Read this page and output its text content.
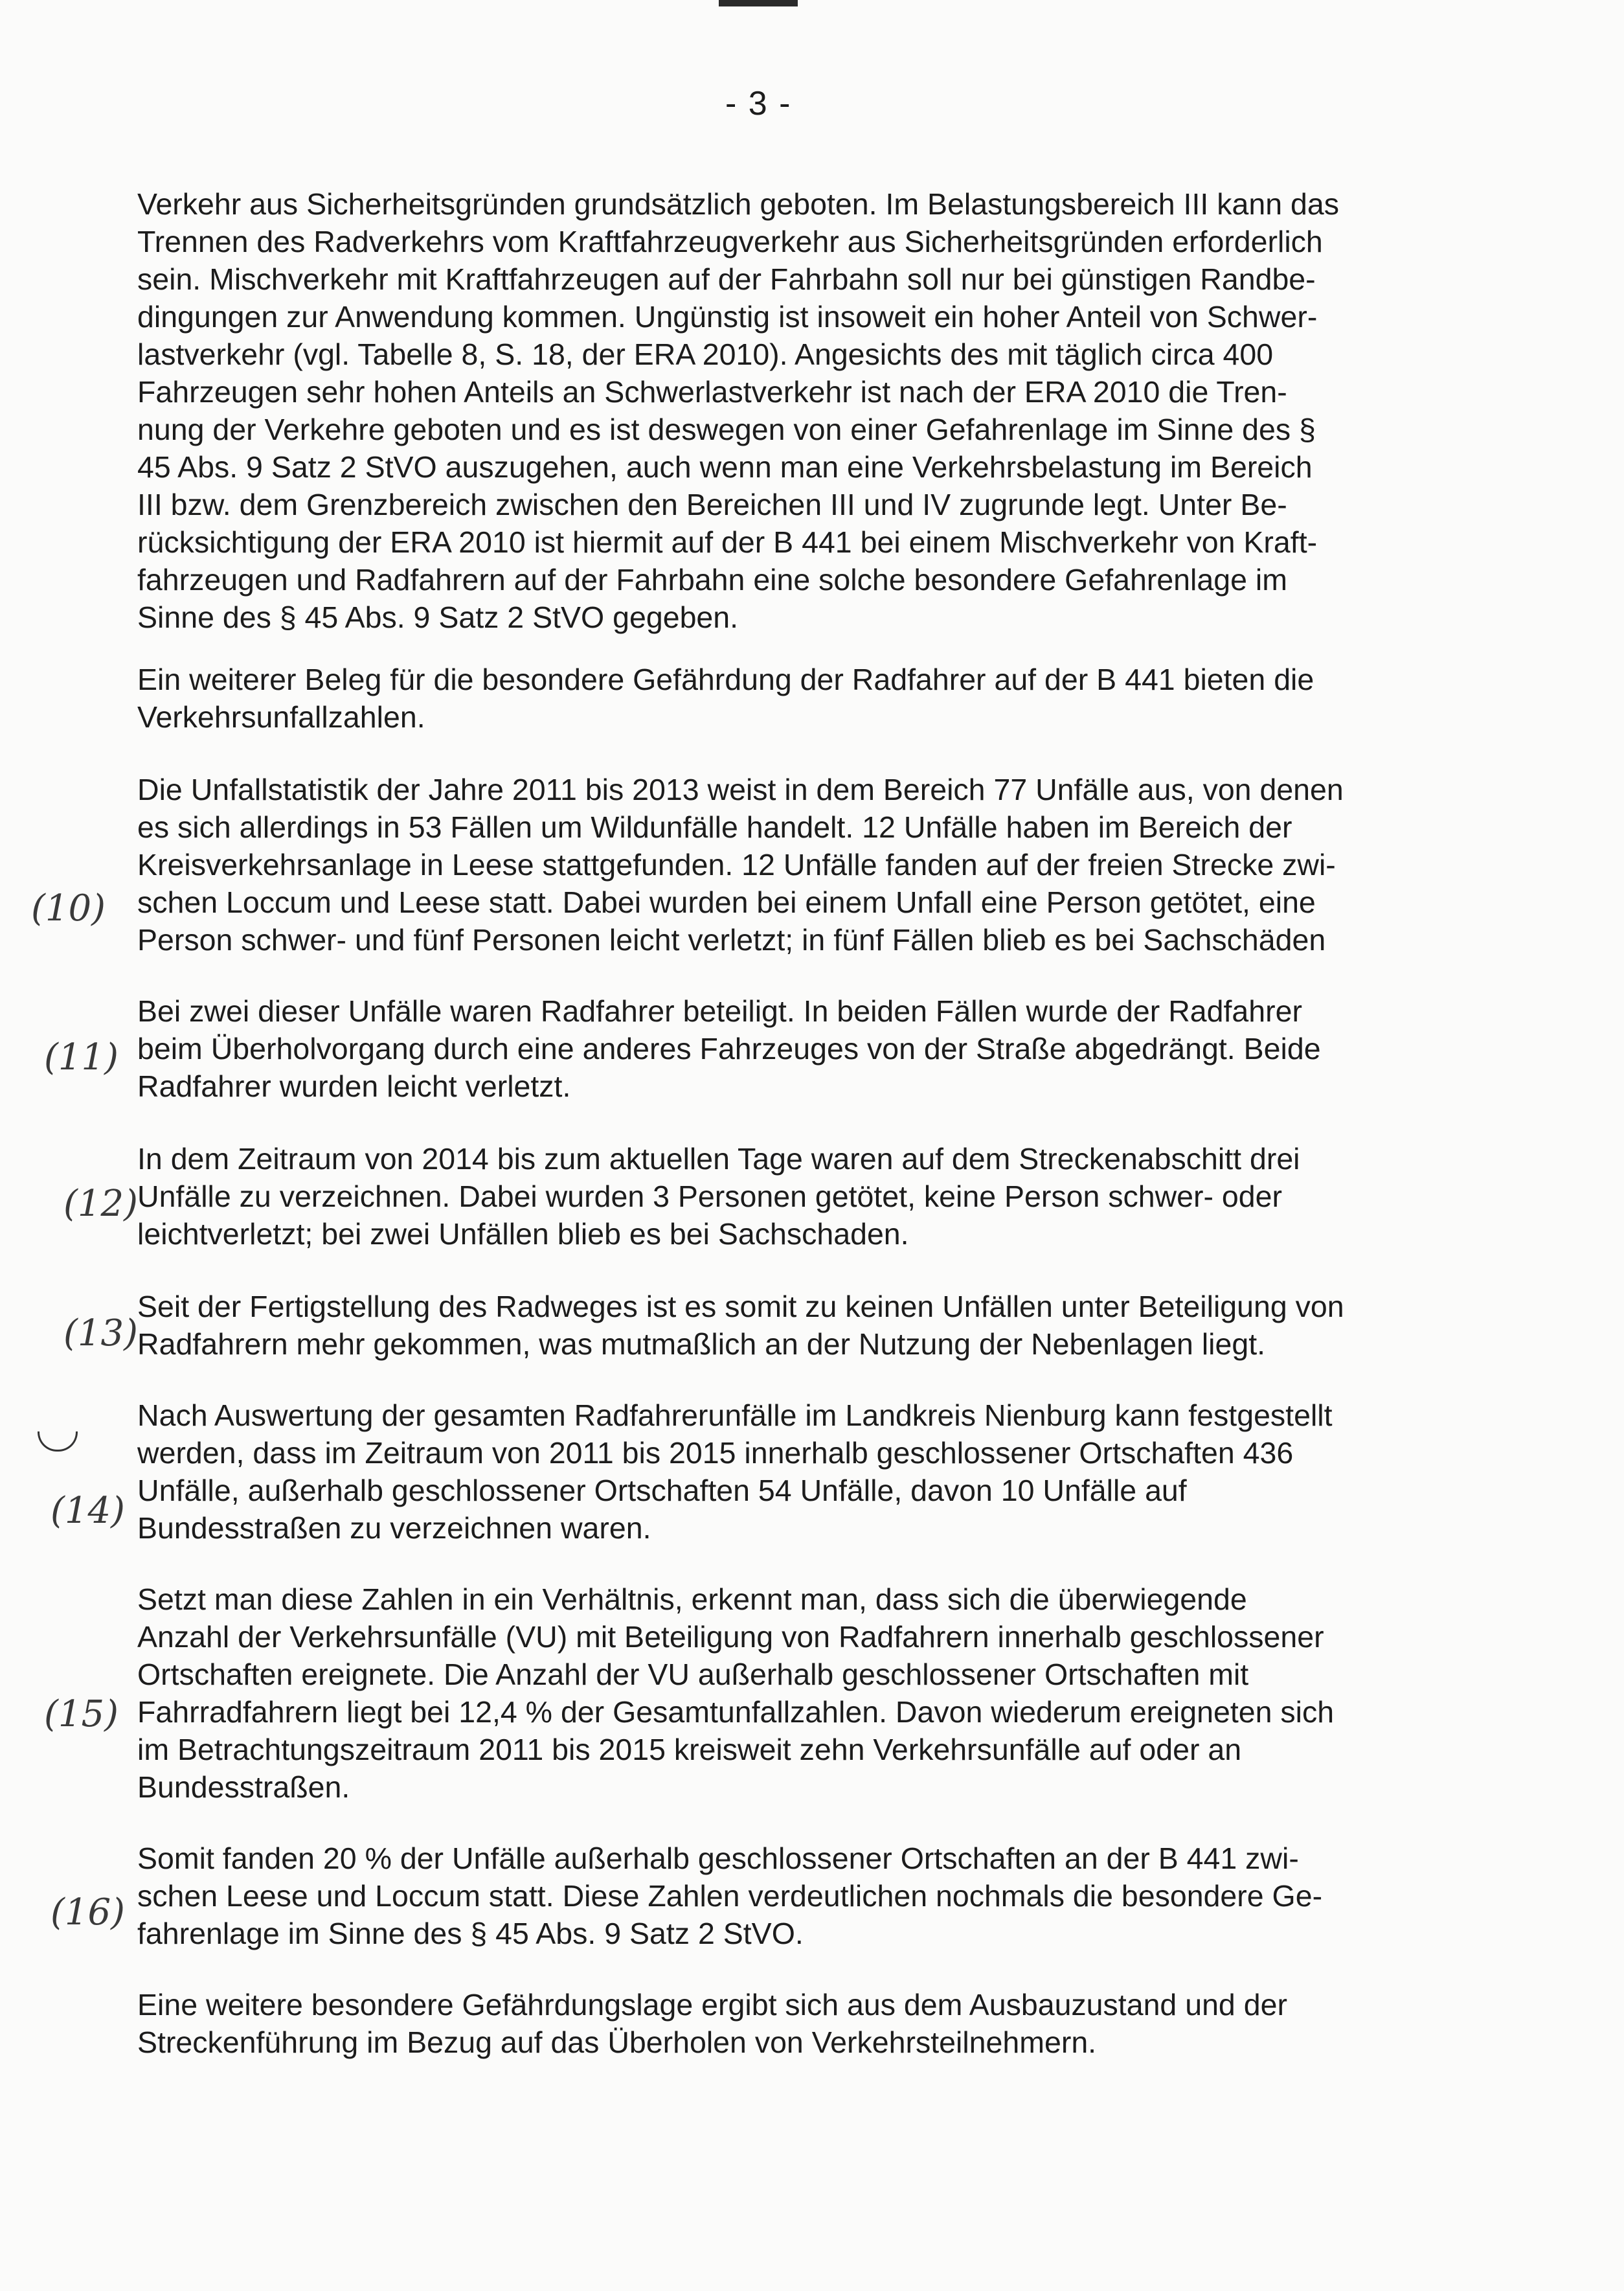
- 3 -
Verkehr aus Sicherheitsgründen grundsätzlich geboten. Im Belastungsbereich III kann das
Trennen des Radverkehrs vom Kraftfahrzeugverkehr aus Sicherheitsgründen erforderlich
sein. Mischverkehr mit Kraftfahrzeugen auf der Fahrbahn soll nur bei günstigen Randbe-
dingungen zur Anwendung kommen. Ungünstig ist insoweit ein hoher Anteil von Schwer-
lastverkehr (vgl. Tabelle 8, S. 18, der ERA 2010). Angesichts des mit täglich circa 400
Fahrzeugen sehr hohen Anteils an Schwerlastverkehr ist nach der ERA 2010 die Tren-
nung der Verkehre geboten und es ist deswegen von einer Gefahrenlage im Sinne des §
45 Abs. 9 Satz 2 StVO auszugehen, auch wenn man eine Verkehrsbelastung im Bereich
III bzw. dem Grenzbereich zwischen den Bereichen III und IV zugrunde legt. Unter Be-
rücksichtigung der ERA 2010 ist hiermit auf der B 441 bei einem Mischverkehr von Kraft-
fahrzeugen und Radfahrern auf der Fahrbahn eine solche besondere Gefahrenlage im
Sinne des § 45 Abs. 9 Satz 2 StVO gegeben.
Ein weiterer Beleg für die besondere Gefährdung der Radfahrer auf der B 441 bieten die
Verkehrsunfallzahlen.
Die Unfallstatistik der Jahre 2011 bis 2013 weist in dem Bereich 77 Unfälle aus, von denen
es sich allerdings in 53 Fällen um Wildunfälle handelt. 12 Unfälle haben im Bereich der
Kreisverkehrsanlage in Leese stattgefunden. 12 Unfälle fanden auf der freien Strecke zwi-
schen Loccum und Leese statt. Dabei wurden bei einem Unfall eine Person getötet, eine
Person schwer- und fünf Personen leicht verletzt; in fünf Fällen blieb es bei Sachschäden
Bei zwei dieser Unfälle waren Radfahrer beteiligt. In beiden Fällen wurde der Radfahrer
beim Überholvorgang durch eine anderes Fahrzeuges von der Straße abgedrängt. Beide
Radfahrer wurden leicht verletzt.
In dem Zeitraum von 2014 bis zum aktuellen Tage waren auf dem Streckenabschitt drei
Unfälle zu verzeichnen. Dabei wurden 3 Personen getötet, keine Person schwer- oder
leichtverletzt; bei zwei Unfällen blieb es bei Sachschaden.
Seit der Fertigstellung des Radweges ist es somit zu keinen Unfällen unter Beteiligung von
Radfahrern mehr gekommen, was mutmaßlich an der Nutzung der Nebenlagen liegt.
Nach Auswertung der gesamten Radfahrerunfälle im Landkreis Nienburg kann festgestellt
werden, dass im Zeitraum von 2011 bis 2015 innerhalb geschlossener Ortschaften 436
Unfälle, außerhalb geschlossener Ortschaften 54 Unfälle, davon 10 Unfälle auf
Bundesstraßen zu verzeichnen waren.
Setzt man diese Zahlen in ein Verhältnis, erkennt man, dass sich die überwiegende
Anzahl der Verkehrsunfälle (VU) mit Beteiligung von Radfahrern innerhalb geschlossener
Ortschaften ereignete. Die Anzahl der VU außerhalb geschlossener Ortschaften mit
Fahrradfahrern liegt bei 12,4 % der Gesamtunfallzahlen. Davon wiederum ereigneten sich
im Betrachtungszeitraum 2011 bis 2015 kreisweit zehn Verkehrsunfälle auf oder an
Bundesstraßen.
Somit fanden 20 % der Unfälle außerhalb geschlossener Ortschaften an der B 441 zwi-
schen Leese und Loccum statt. Diese Zahlen verdeutlichen nochmals die besondere Ge-
fahrenlage im Sinne des § 45 Abs. 9 Satz 2 StVO.
Eine weitere besondere Gefährdungslage ergibt sich aus dem Ausbauzustand und der
Streckenführung im Bezug auf das Überholen von Verkehrsteilnehmern.
(10)
(11)
(12)
(13)
(14)
(15)
(16)
